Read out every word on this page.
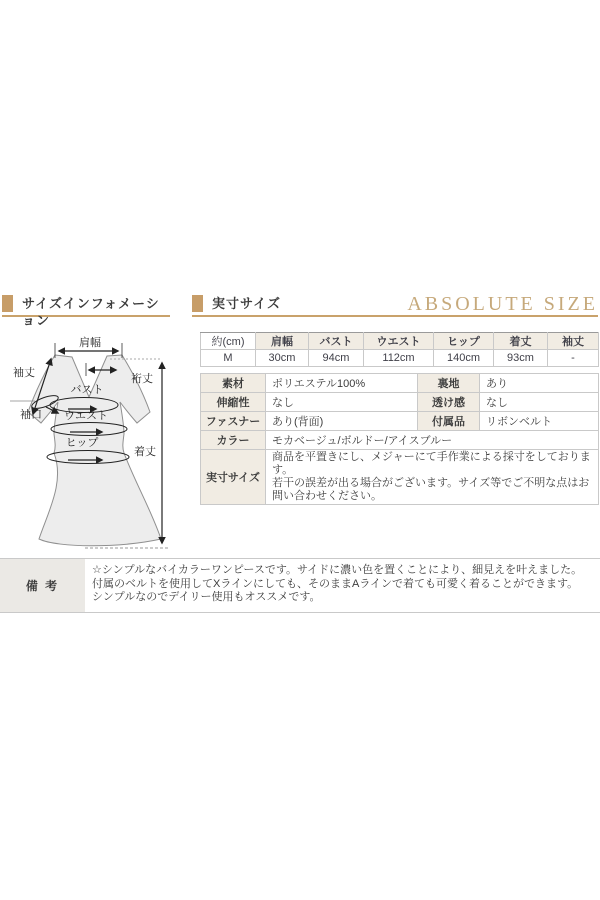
サイズインフォメーション
実寸サイズ	ABSOLUTE SIZE
肩幅
裄丈
袖丈
バスト
袖口 ウエスト
ヒップ
着丈
約(cm)	肩幅	バスト	ウエスト	ヒップ	着丈	袖丈
M	30cm	94cm	112cm	140cm	93cm	-
素材	ポリエステル100%	裏地	あり
伸縮性	なし	透け感	なし
ファスナー	あり(背面)	付属品	リボンベルト
カラー	モカベージュ/ボルドー/アイスブルー		
実寸サイズ	商品を平置きにし、メジャーにて手作業による採寸をしております。
若干の誤差が出る場合がございます。サイズ等でご不明な点はお問い合わせください。		
備 考
☆シンプルなバイカラーワンピースです。サイドに濃い色を置くことにより、細見えを叶えました。
付属のベルトを使用してXラインにしても、そのままAラインで着ても可愛く着ることができます。
シンプルなのでデイリー使用もオススメです。
